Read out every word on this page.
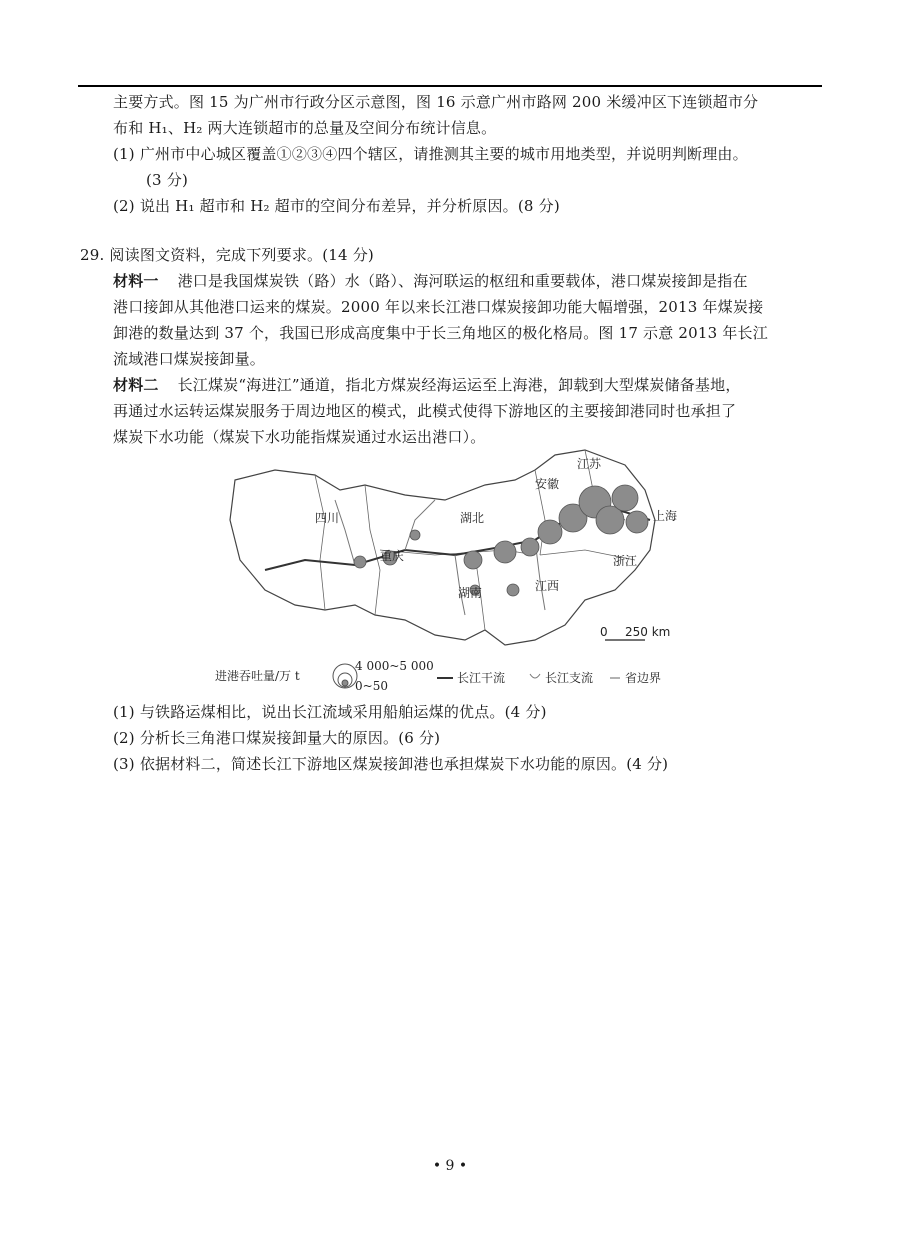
主要方式。图 15 为广州市行政分区示意图，图 16 示意广州市路网 200 米缓冲区下连锁超市分
布和 H₁、H₂ 两大连锁超市的总量及空间分布统计信息。
(1) 广州市中心城区覆盖①②③④四个辖区，请推测其主要的城市用地类型，并说明判断理由。
(3 分)
(2) 说出 H₁ 超市和 H₂ 超市的空间分布差异，并分析原因。(8 分)
29. 阅读图文资料，完成下列要求。(14 分)
材料一 港口是我国煤炭铁（路）水（路）、海河联运的枢纽和重要载体，港口煤炭接卸是指在
港口接卸从其他港口运来的煤炭。2000 年以来长江港口煤炭接卸功能大幅增强，2013 年煤炭接
卸港的数量达到 37 个，我国已形成高度集中于长三角地区的极化格局。图 17 示意 2013 年长江
流域港口煤炭接卸量。
材料二 长江煤炭“海进江”通道，指北方煤炭经海运运至上海港，卸载到大型煤炭储备基地，
再通过水运转运煤炭服务于周边地区的模式，此模式使得下游地区的主要接卸港同时也承担了
煤炭下水功能（煤炭下水功能指煤炭通过水运出港口）。
四川
重庆
湖北
湖南	江西
安徽
江苏
上海
浙江
0 250 km
进港吞吐量/万 t
4 000~5 000
0~50
长江干流	长江支流	省边界
(1) 与铁路运煤相比，说出长江流域采用船舶运煤的优点。(4 分)
(2) 分析长三角港口煤炭接卸量大的原因。(6 分)
(3) 依据材料二，简述长江下游地区煤炭接卸港也承担煤炭下水功能的原因。(4 分)
• 9 •
